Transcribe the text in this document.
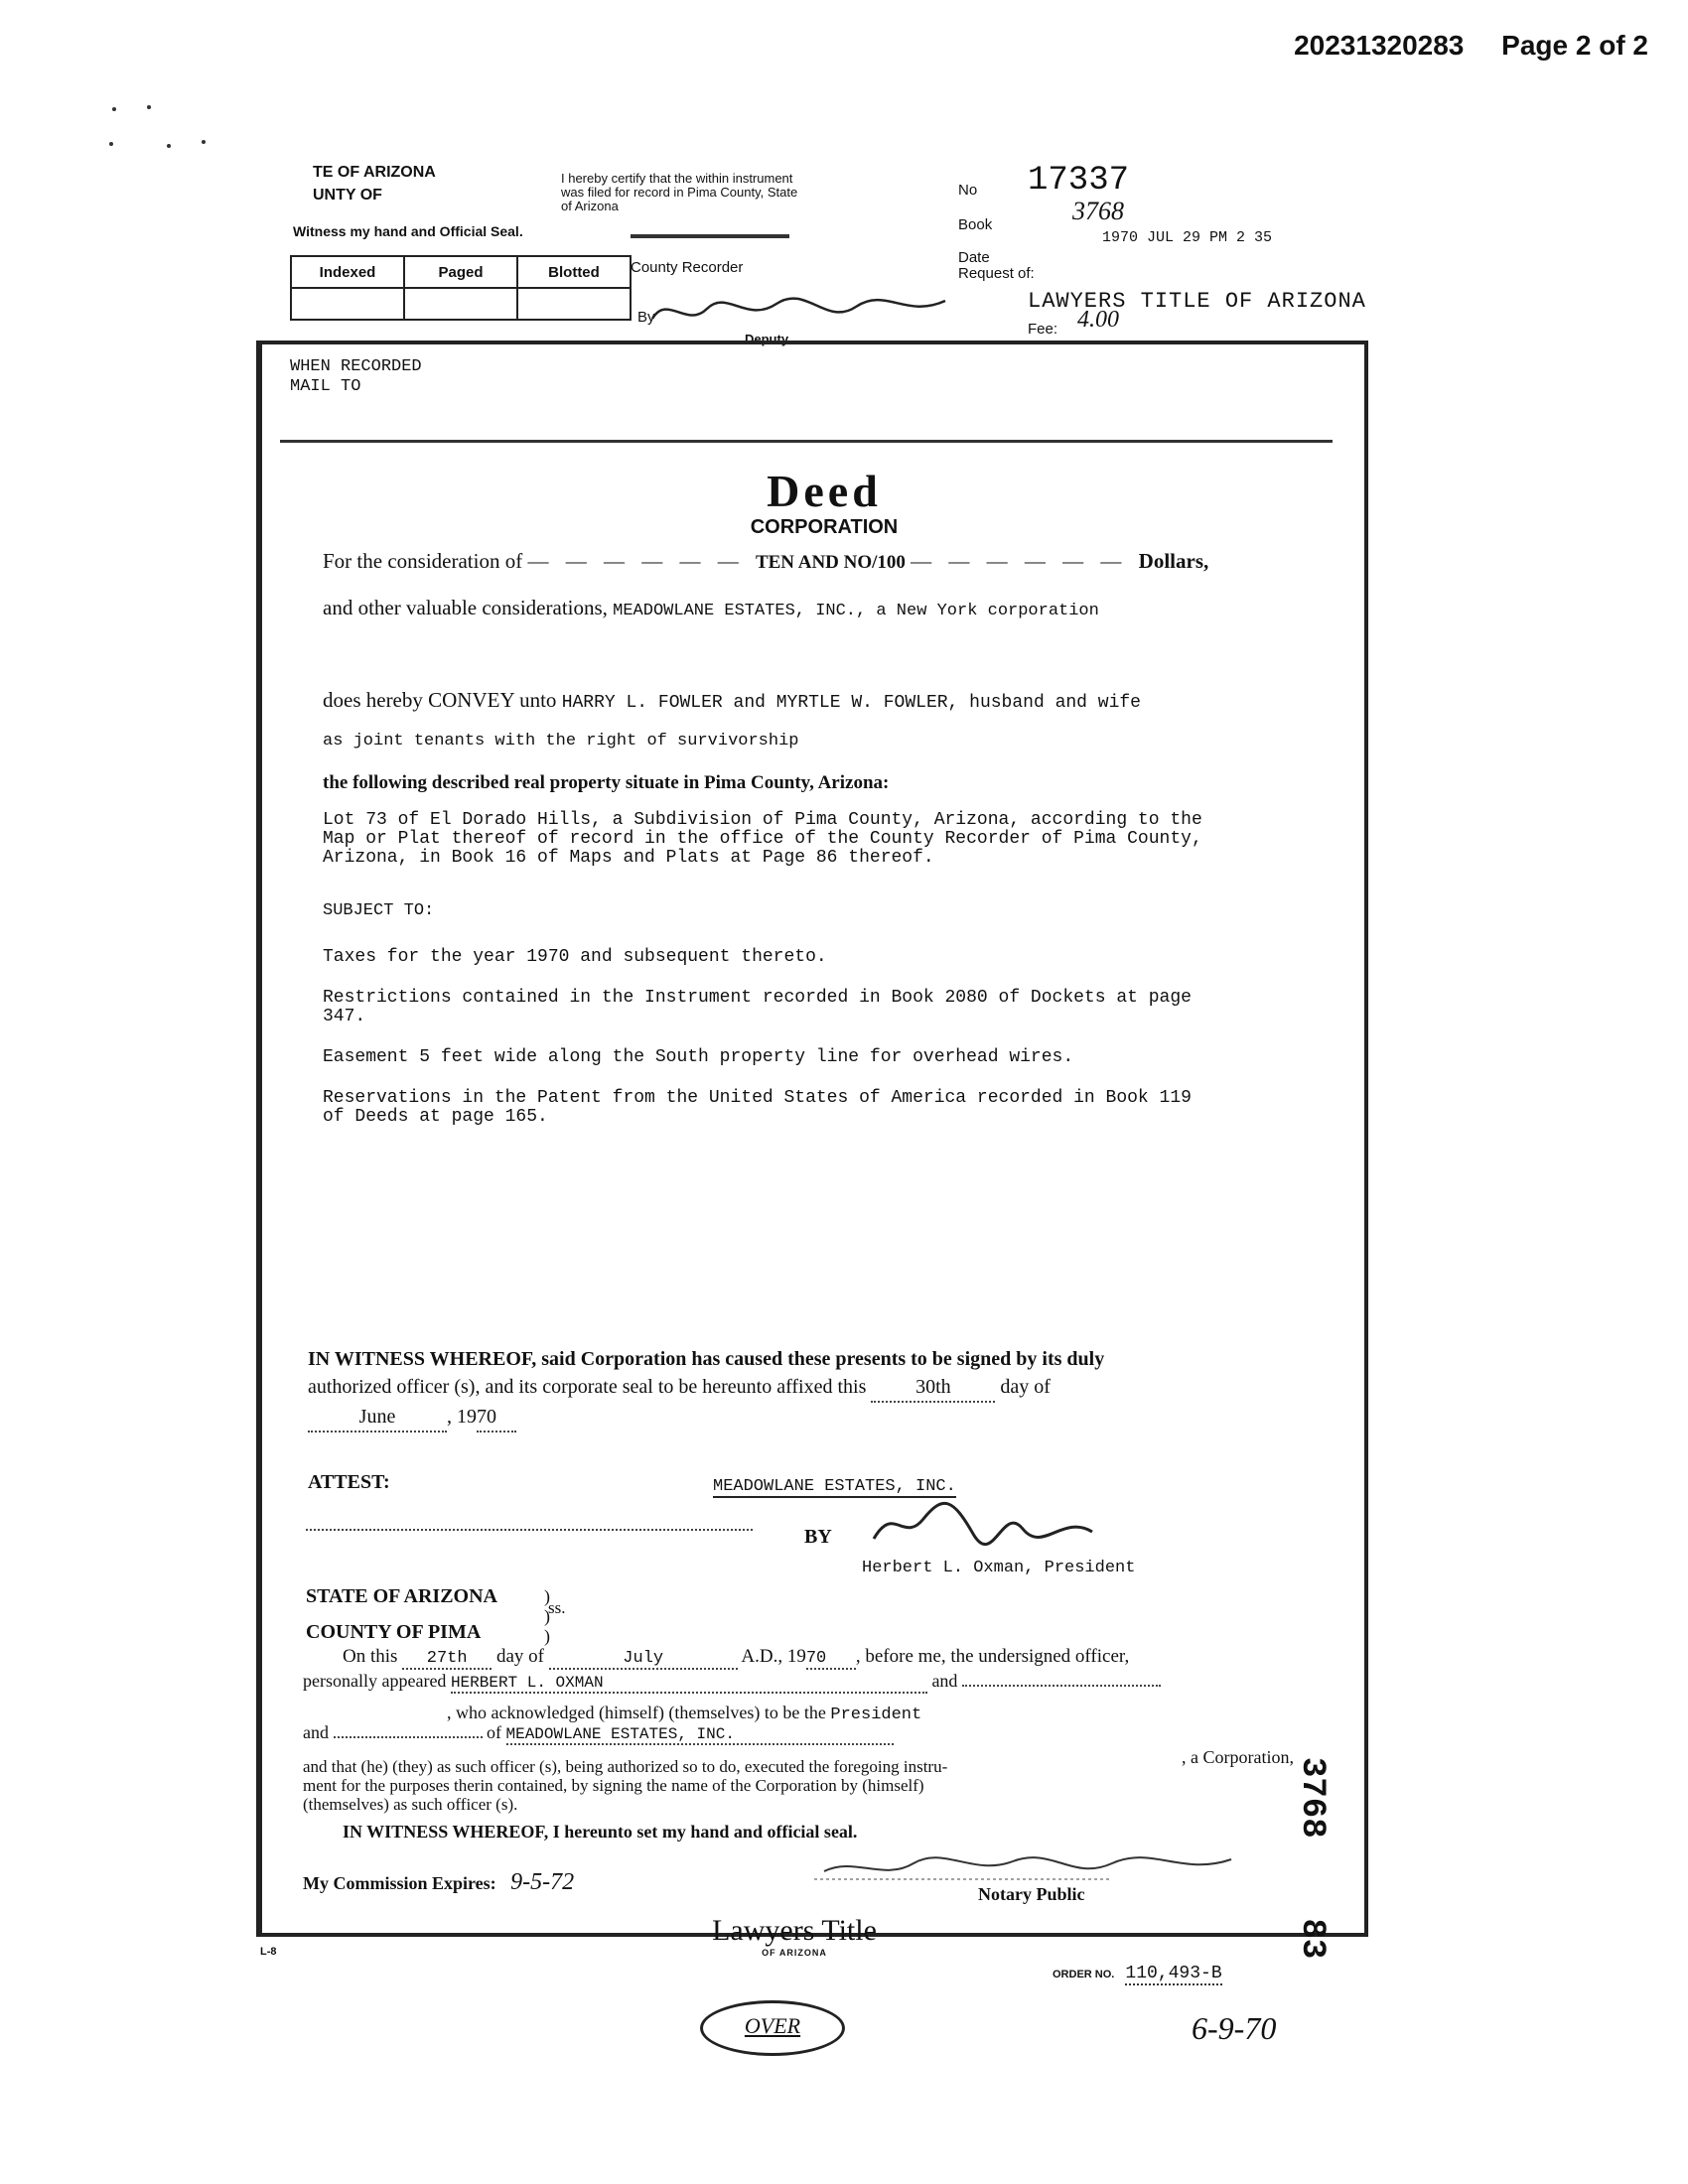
20231320283 Page 2 of 2
TE OF ARIZONA
UNTY OF
Witness my hand and Official Seal.
I hereby certify that the within instrument was filed for record in Pima County, State of Arizona
County Recorder
No 17337
Book	3768
1970 JUL 29 PM 2 35
Date
Request of:
LAWYERS TITLE OF ARIZONA
By
Deputy
Fee: 4.00
Indexed	Paged	Blotted

WHEN RECORDED
MAIL TO
Deed
CORPORATION
For the consideration of — — — — — — TEN AND NO/100 — — — — — — Dollars,
and other valuable considerations, MEADOWLANE ESTATES, INC., a New York corporation
does hereby CONVEY unto HARRY L. FOWLER and MYRTLE W. FOWLER, husband and wife
as joint tenants with the right of survivorship
the following described real property situate in Pima County, Arizona:
Lot 73 of El Dorado Hills, a Subdivision of Pima County, Arizona, according to the
Map or Plat thereof of record in the office of the County Recorder of Pima County,
Arizona, in Book 16 of Maps and Plats at Page 86 thereof.
SUBJECT TO:
Taxes for the year 1970 and subsequent thereto.
Restrictions contained in the Instrument recorded in Book 2080 of Dockets at page
347.
Easement 5 feet wide along the South property line for overhead wires.
Reservations in the Patent from the United States of America recorded in Book 119
of Deeds at page 165.
IN WITNESS WHEREOF, said Corporation has caused these presents to be signed by its duly
authorized officer (s), and its corporate seal to be hereunto affixed this 30th day of
June	, 1970
ATTEST:	MEADOWLANE ESTATES, INC.
BY
Herbert L. Oxman, President
STATE OF ARIZONA
COUNTY OF PIMA
ss.
)
)
)
On this 27th day of	July	A.D., 1970 , before me, the undersigned officer,
personally appeared HERBERT L. OXMAN	and
, who acknowledged (himself) (themselves) to be the President
and	of MEADOWLANE ESTATES, INC.
, a Corporation,
and that (he) (they) as such officer (s), being authorized so to do, executed the foregoing instru-
ment for the purposes therin contained, by signing the name of the Corporation by (himself)
(themselves) as such officer (s).
IN WITNESS WHEREOF, I hereunto set my hand and official seal.
My Commission Expires: 9-5-72	Notary Public
3768  83
L-8
Lawyers Title
OF ARIZONA
ORDER NO. 110,493-B
OVER	6-9-70
